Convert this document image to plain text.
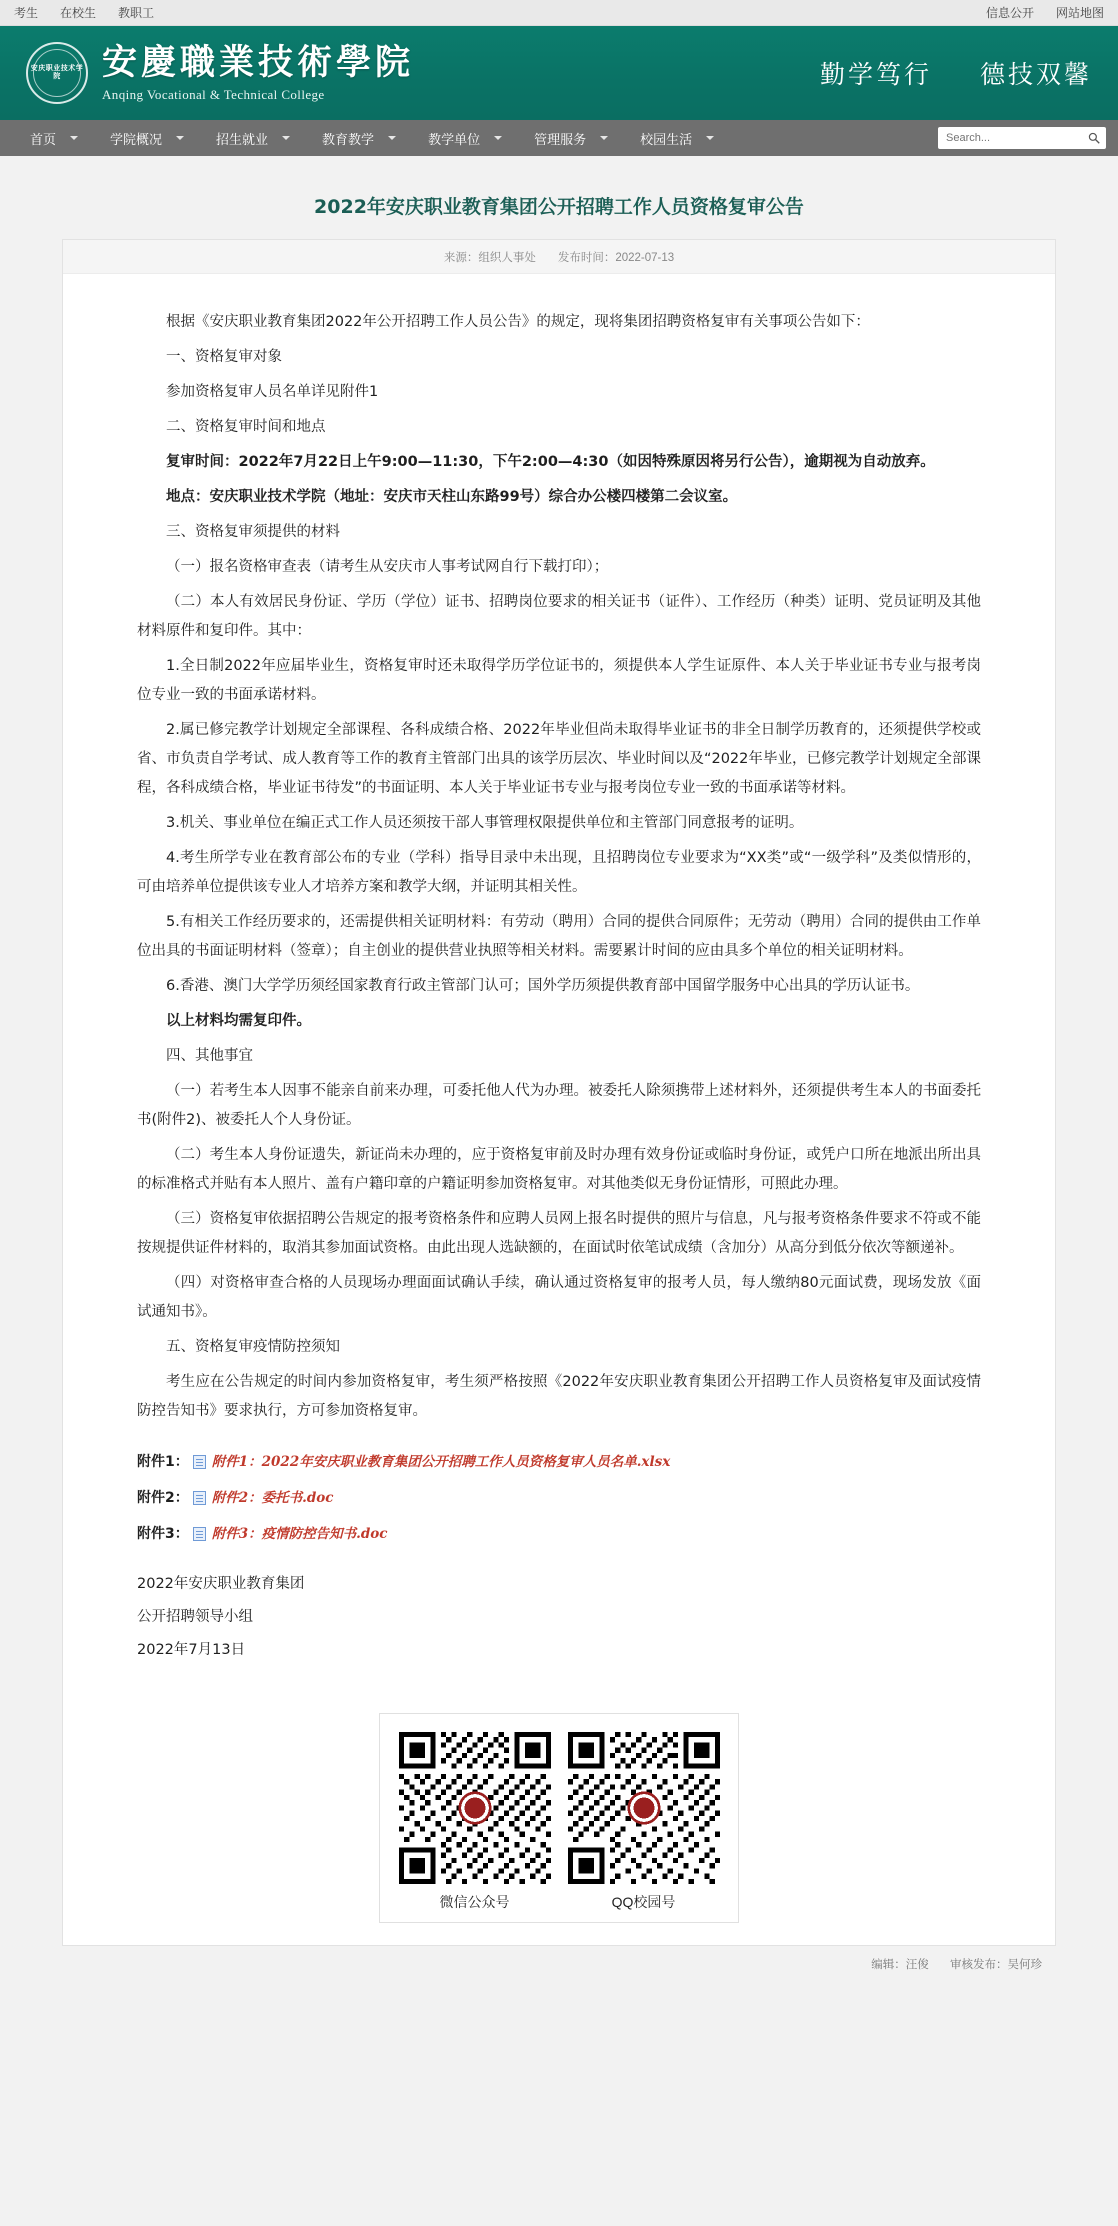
考生 在校生 教职工	信息公开 网站地图
安庆职业技术学院	安慶職業技術學院
Anqing Vocational & Technical College
勤学笃行 德技双馨
首页	学院概况	招生就业	教育教学	教学单位	管理服务	校园生活
Search...
2022年安庆职业教育集团公开招聘工作人员资格复审公告
来源：组织人事处 发布时间：2022-07-13

根据《安庆职业教育集团2022年公开招聘工作人员公告》的规定，现将集团招聘资格复审有关事项公告如下：

一、资格复审对象

参加资格复审人员名单详见附件1

二、资格复审时间和地点

复审时间：2022年7月22日上午9:00—11:30，下午2:00—4:30（如因特殊原因将另行公告），逾期视为自动放弃。

地点：安庆职业技术学院（地址：安庆市天柱山东路99号）综合办公楼四楼第二会议室。

三、资格复审须提供的材料

（一）报名资格审查表（请考生从安庆市人事考试网自行下载打印）；

（二）本人有效居民身份证、学历（学位）证书、招聘岗位要求的相关证书（证件）、工作经历（种类）证明、党员证明及其他材料原件和复印件。其中：

1.全日制2022年应届毕业生，资格复审时还未取得学历学位证书的，须提供本人学生证原件、本人关于毕业证书专业与报考岗位专业一致的书面承诺材料。

2.属已修完教学计划规定全部课程、各科成绩合格、2022年毕业但尚未取得毕业证书的非全日制学历教育的，还须提供学校或省、市负责自学考试、成人教育等工作的教育主管部门出具的该学历层次、毕业时间以及“2022年毕业，已修完教学计划规定全部课程，各科成绩合格，毕业证书待发”的书面证明、本人关于毕业证书专业与报考岗位专业一致的书面承诺等材料。

3.机关、事业单位在编正式工作人员还须按干部人事管理权限提供单位和主管部门同意报考的证明。

4.考生所学专业在教育部公布的专业（学科）指导目录中未出现，且招聘岗位专业要求为“XX类”或“一级学科”及类似情形的，可由培养单位提供该专业人才培养方案和教学大纲，并证明其相关性。

5.有相关工作经历要求的，还需提供相关证明材料：有劳动（聘用）合同的提供合同原件；无劳动（聘用）合同的提供由工作单位出具的书面证明材料（签章）；自主创业的提供营业执照等相关材料。需要累计时间的应由具多个单位的相关证明材料。

6.香港、澳门大学学历须经国家教育行政主管部门认可；国外学历须提供教育部中国留学服务中心出具的学历认证书。

以上材料均需复印件。

四、其他事宜

（一）若考生本人因事不能亲自前来办理，可委托他人代为办理。被委托人除须携带上述材料外，还须提供考生本人的书面委托书(附件2)、被委托人个人身份证。

（二）考生本人身份证遗失，新证尚未办理的，应于资格复审前及时办理有效身份证或临时身份证，或凭户口所在地派出所出具的标准格式并贴有本人照片、盖有户籍印章的户籍证明参加资格复审。对其他类似无身份证情形，可照此办理。

（三）资格复审依据招聘公告规定的报考资格条件和应聘人员网上报名时提供的照片与信息，凡与报考资格条件要求不符或不能按规提供证件材料的，取消其参加面试资格。由此出现人选缺额的，在面试时依笔试成绩（含加分）从高分到低分依次等额递补。

（四）对资格审查合格的人员现场办理面面试确认手续，确认通过资格复审的报考人员，每人缴纳80元面试费，现场发放《面试通知书》。

五、资格复审疫情防控须知

考生应在公告规定的时间内参加资格复审，考生须严格按照《2022年安庆职业教育集团公开招聘工作人员资格复审及面试疫情防控告知书》要求执行，方可参加资格复审。

附件1： 附件1：2022年安庆职业教育集团公开招聘工作人员资格复审人员名单.xlsx

附件2： 附件2：委托书.doc

附件3： 附件3：疫情防控告知书.doc

2022年安庆职业教育集团

公开招聘领导小组

2022年7月13日

微信公众号	QQ校园号
编辑：汪俊 审核发布：吴何珍
